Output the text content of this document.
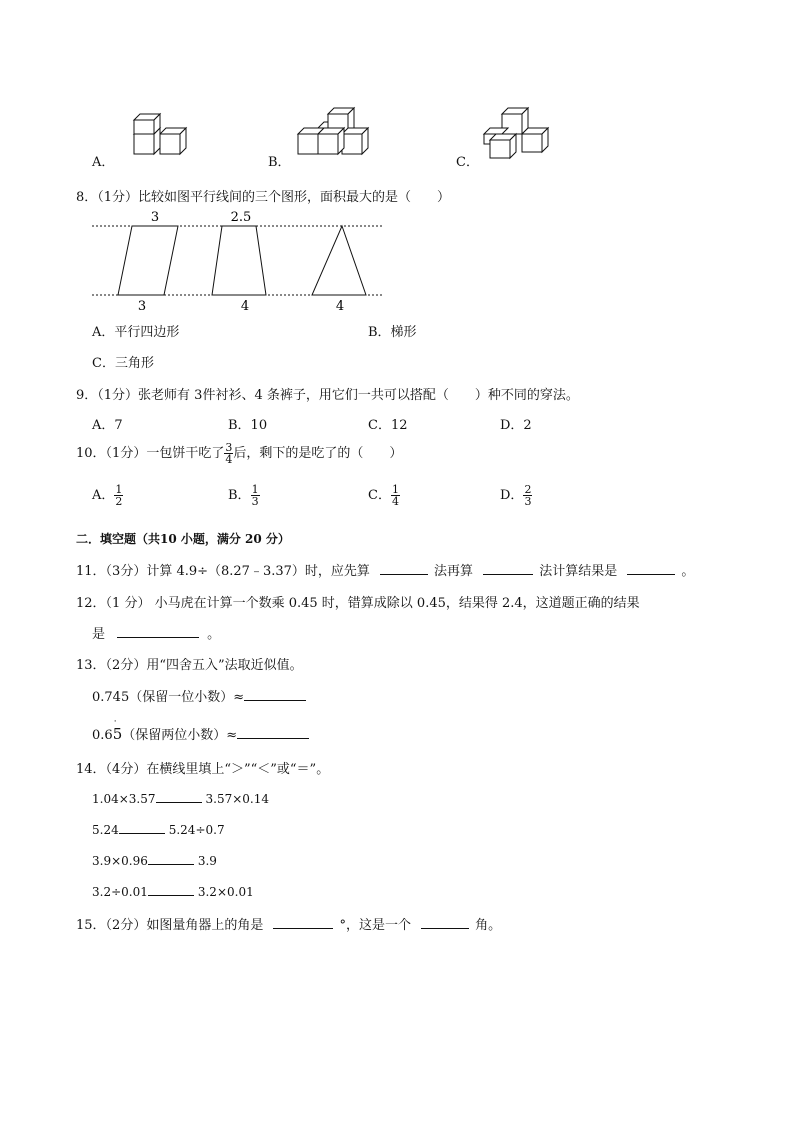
A．	B．	C．
8．（1分）比较如图平行线间的三个图形，面积最大的是（　　）
3
3
2.5
4	4
A．平行四边形	B．梯形
C．三角形
9．（1分）张老师有 3件衬衫、4 条裤子，用它们一共可以搭配（　　）种不同的穿法。
A．7	B．10	C．12	D．2
10．（1分）一包饼干吃了 $\frac{3}{4}$ 后，剩下的是吃了的（　　）
A． $\frac{1}{2}$	B． $\frac{1}{3}$	C． $\frac{1}{4}$	D． $\frac{2}{3}$
二．填空题（共10 小题，满分 20 分）
11．（3分）计算 4.9÷（8.27﹣3.37）时，应先算	法再算	法计算结果是	。
12．（1 分） 小马虎在计算一个数乘 0.45 时，错算成除以 0.45，结果得 2.4，这道题正确的结果
是	。
13．（2分）用“四舍五入”法取近似值。
0.745（保留一位小数）≈
0.6
·
5（保留两位小数）≈
14．（4分）在横线里填上“＞”“＜”或“＝”。
1.04×3.57	3.57×0.14
5.24	5.24÷0.7
3.9×0.96	3.9
3.2÷0.01	3.2×0.01
15．（2分）如图量角器上的角是	°，这是一个	角。
